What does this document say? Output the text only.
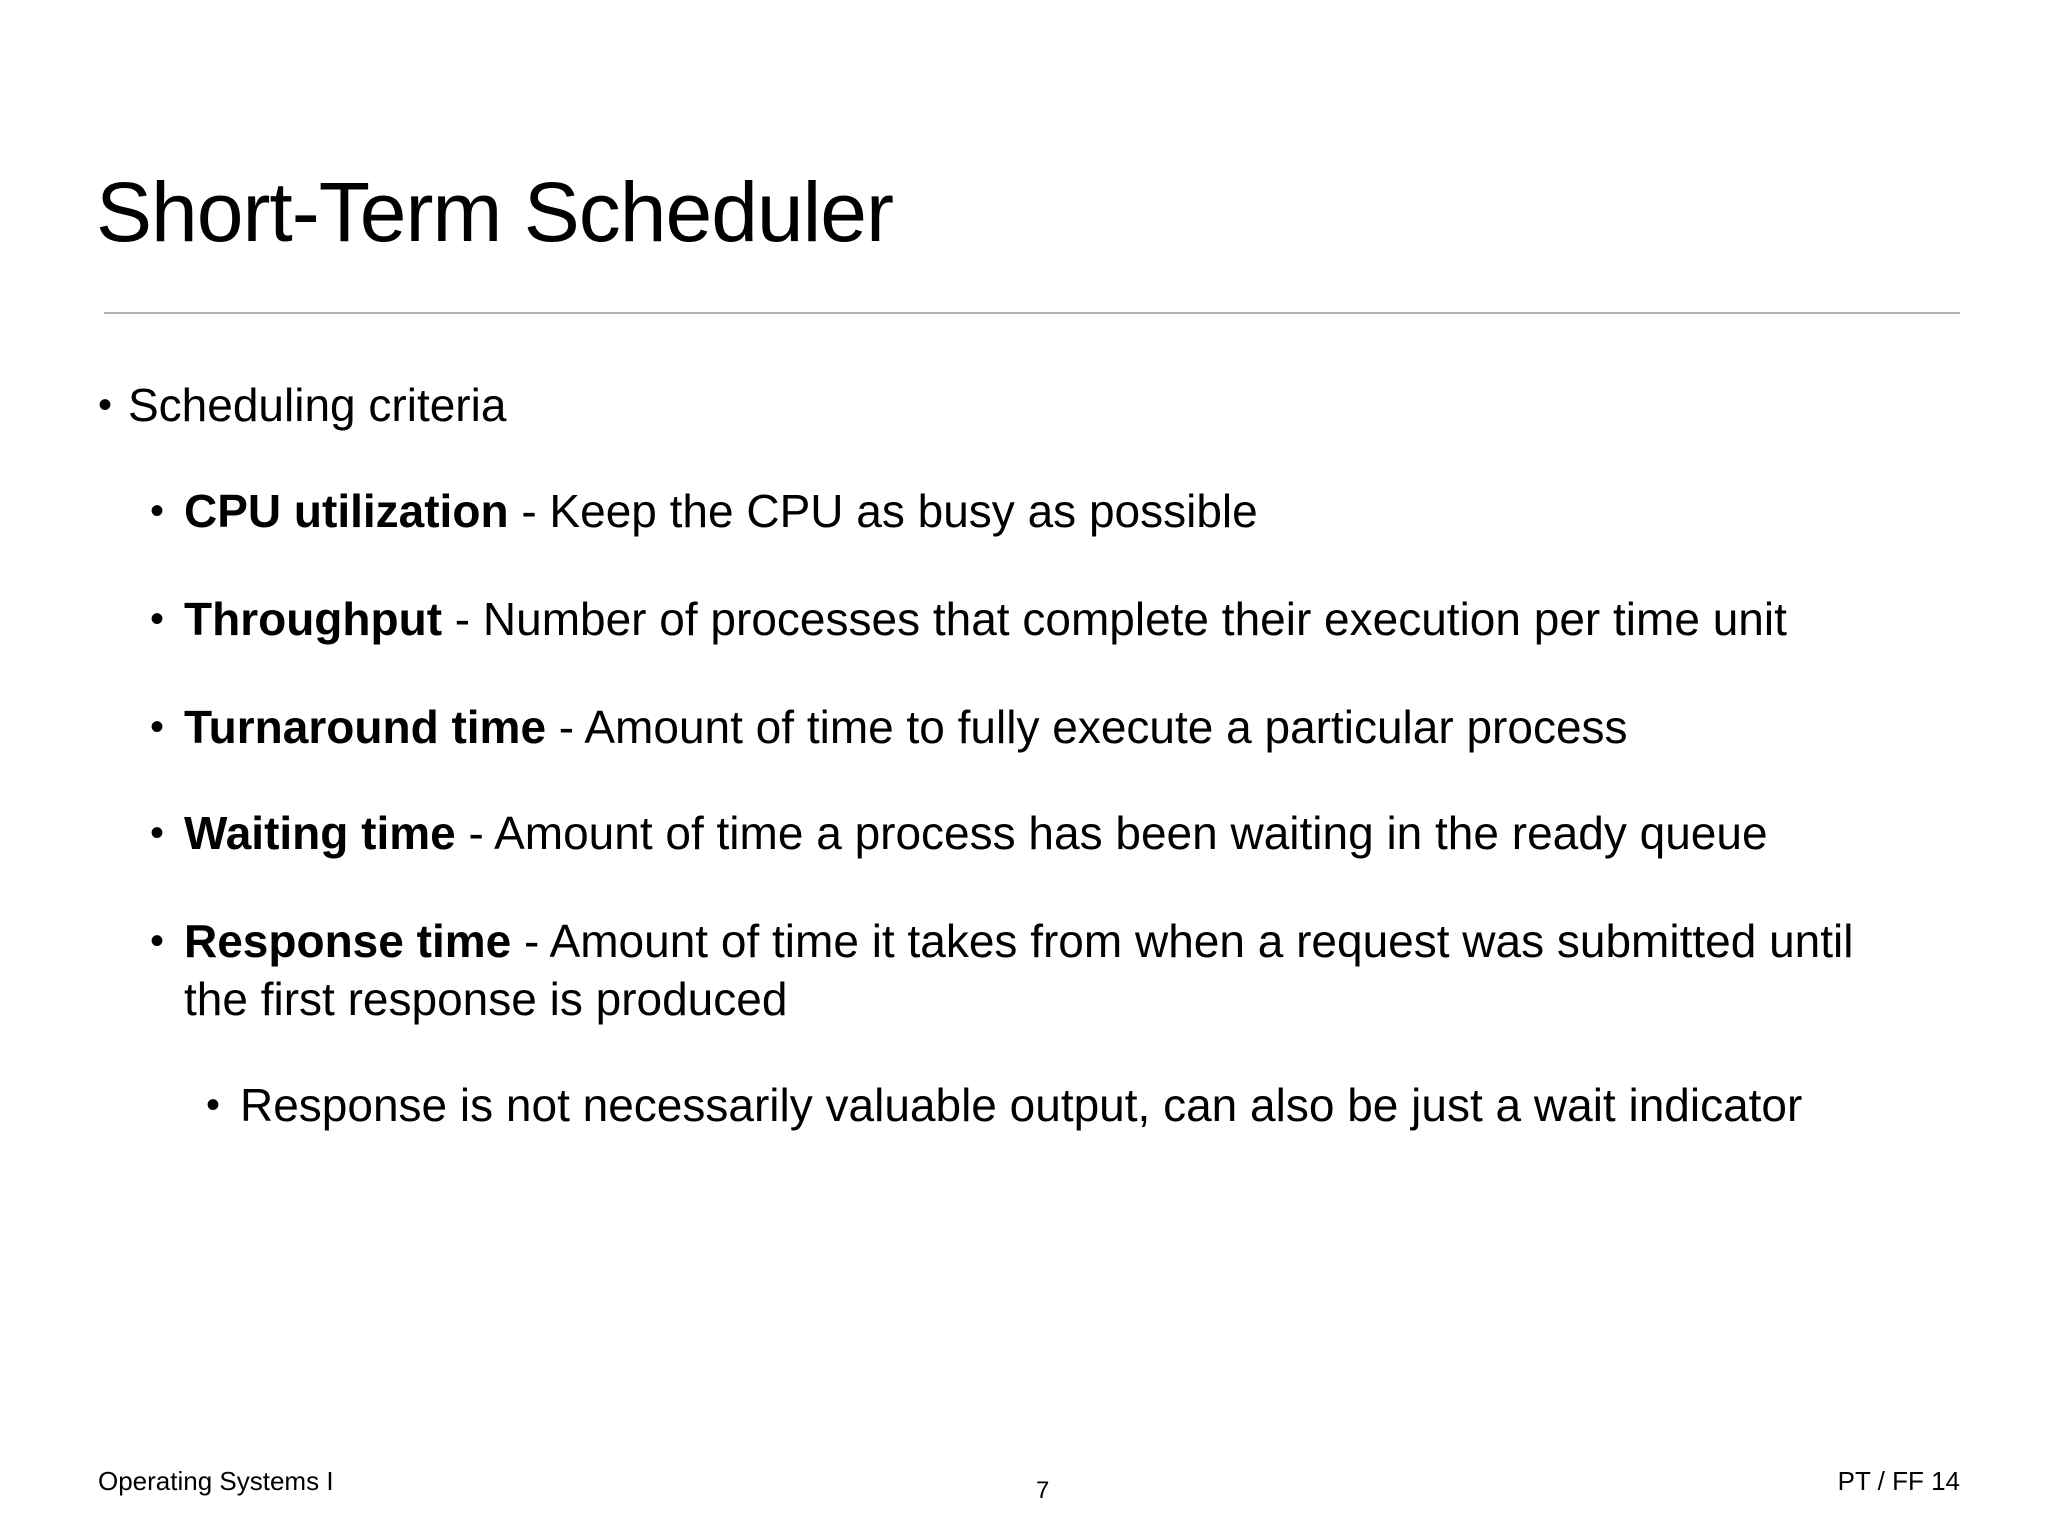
Short-Term Scheduler
• Scheduling criteria
• CPU utilization - Keep the CPU as busy as possible
• Throughput - Number of processes that complete their execution per time unit
• Turnaround time - Amount of time to fully execute a particular process
• Waiting time - Amount of time a process has been waiting in the ready queue
• Response time - Amount of time it takes from when a request was submitted until
the first response is produced
• Response is not necessarily valuable output, can also be just a wait indicator
Operating Systems I	7	PT / FF 14
